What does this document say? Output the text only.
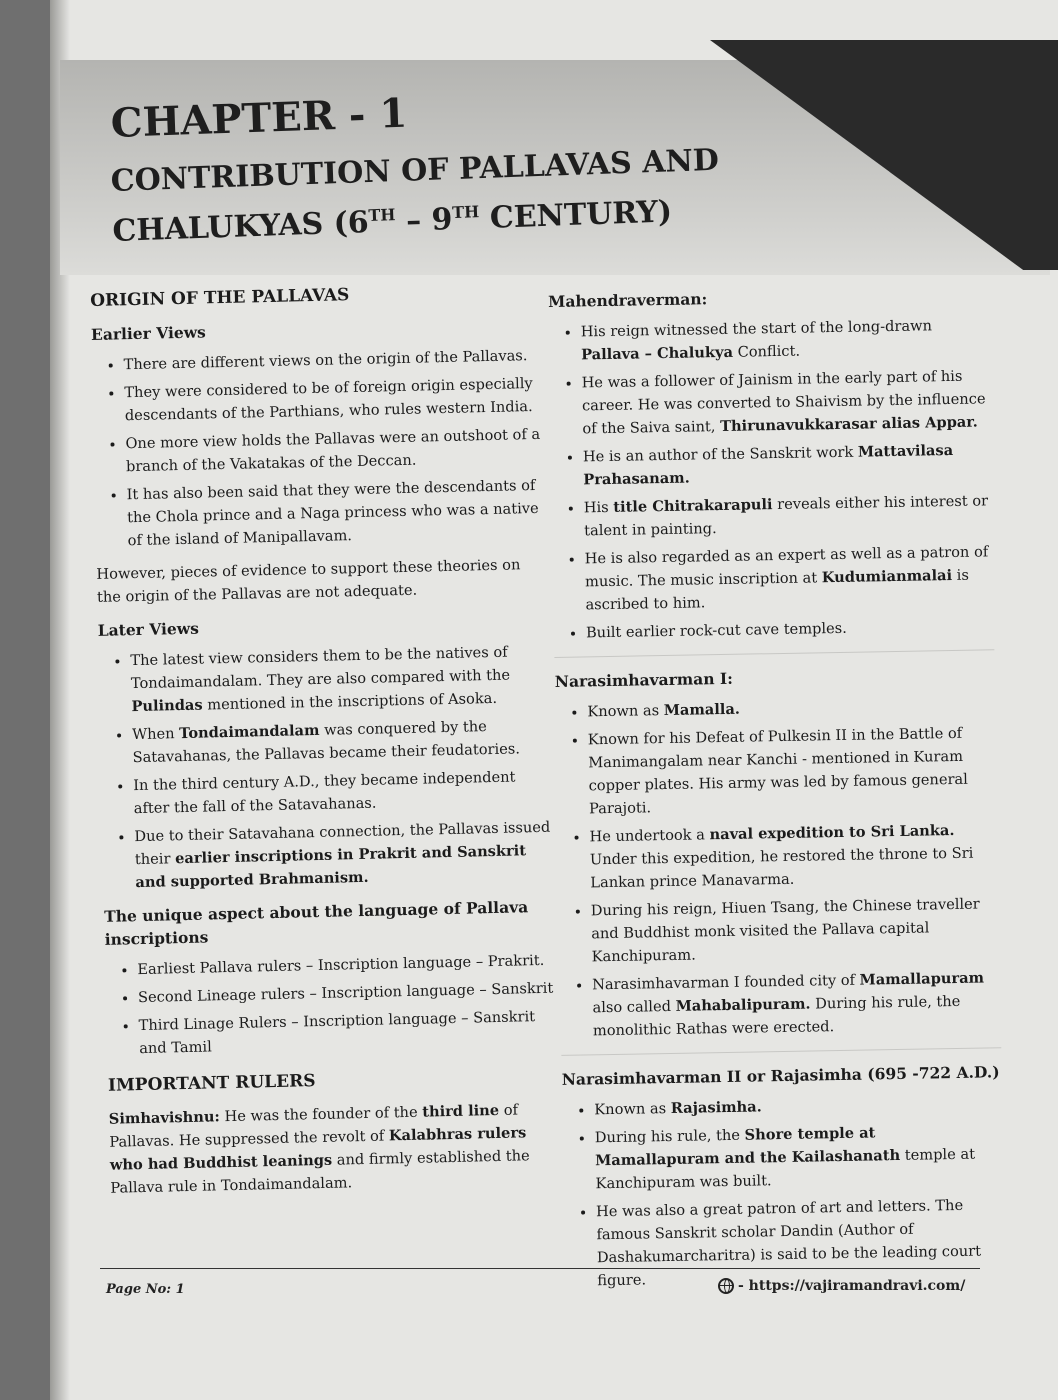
CHAPTER - 1
CONTRIBUTION OF PALLAVAS AND
CHALUKYAS (6TH – 9TH CENTURY)
ORIGIN OF THE PALLAVAS
Earlier Views
• There are different views on the origin of the Pallavas.
• They were considered to be of foreign origin especially descendants of the Parthians, who rules western India.
• One more view holds the Pallavas were an outshoot of a branch of the Vakatakas of the Deccan.
• It has also been said that they were the descendants of the Chola prince and a Naga princess who was a native of the island of Manipallavam.

However, pieces of evidence to support these theories on the origin of the Pallavas are not adequate.

Later Views
• The latest view considers them to be the natives of Tondaimandalam. They are also compared with the Pulindas mentioned in the inscriptions of Asoka.
• When Tondaimandalam was conquered by the Satavahanas, the Pallavas became their feudatories.
• In the third century A.D., they became independent after the fall of the Satavahanas.
• Due to their Satavahana connection, the Pallavas issued their earlier inscriptions in Prakrit and Sanskrit and supported Brahmanism.
The unique aspect about the language of Pallava inscriptions
• Earliest Pallava rulers – Inscription language – Prakrit.
• Second Lineage rulers – Inscription language – Sanskrit
• Third Linage Rulers – Inscription language – Sanskrit and Tamil
IMPORTANT RULERS

Simhavishnu: He was the founder of the third line of Pallavas. He suppressed the revolt of Kalabhras rulers who had Buddhist leanings and firmly established the Pallava rule in Tondaimandalam.

Mahendraverman:
• His reign witnessed the start of the long-drawn Pallava – Chalukya Conflict.
• He was a follower of Jainism in the early part of his career. He was converted to Shaivism by the influence of the Saiva saint, Thirunavukkarasar alias Appar.
• He is an author of the Sanskrit work Mattavilasa Prahasanam.
• His title Chitrakarapuli reveals either his interest or talent in painting.
• He is also regarded as an expert as well as a patron of music. The music inscription at Kudumianmalai is ascribed to him.
• Built earlier rock-cut cave temples.
Narasimhavarman I:
• Known as Mamalla.
• Known for his Defeat of Pulkesin II in the Battle of Manimangalam near Kanchi - mentioned in Kuram copper plates. His army was led by famous general Parajoti.
• He undertook a naval expedition to Sri Lanka. Under this expedition, he restored the throne to Sri Lankan prince Manavarma.
• During his reign, Hiuen Tsang, the Chinese traveller and Buddhist monk visited the Pallava capital Kanchipuram.
• Narasimhavarman I founded city of Mamallapuram also called Mahabalipuram. During his rule, the monolithic Rathas were erected.
Narasimhavarman II or Rajasimha (695 -722 A.D.)
• Known as Rajasimha.
• During his rule, the Shore temple at Mamallapuram and the Kailashanath temple at Kanchipuram was built.
• He was also a great patron of art and letters. The famous Sanskrit scholar Dandin (Author of Dashakumarcharitra) is said to be the leading court figure.
Page No: 1	- https://vajiramandravi.com/
